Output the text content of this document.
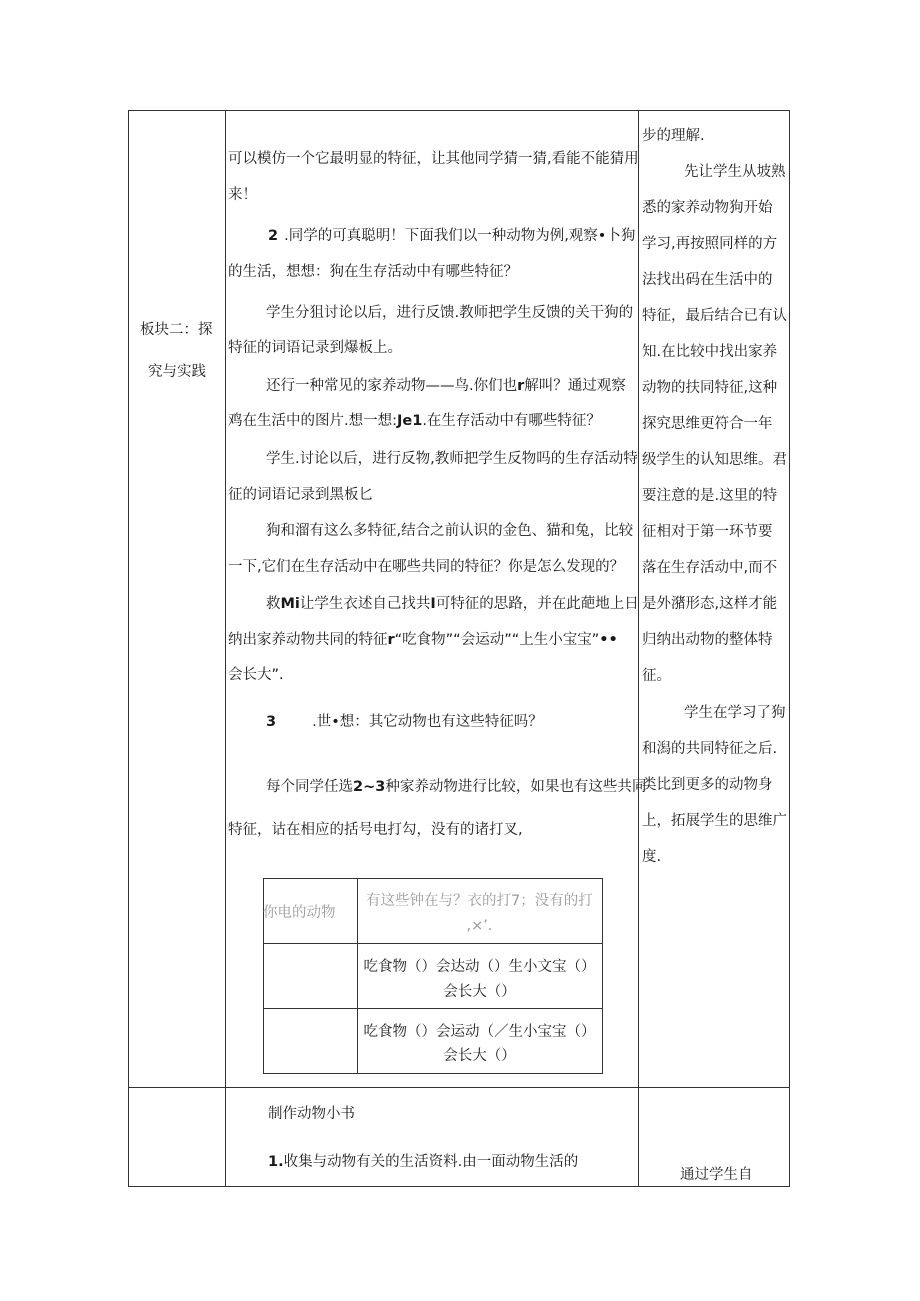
板块二：探
究与实践
可以模仿一个它最明显的特征，让其他同学猜一猜,看能不能猜用
来！
2 .同学的可真聪明！下面我们以一种动物为例,观察•卜狗
的生活，想想：狗在生存活动中有哪些特征？
学生分狙讨论以后，进行反馈.教师把学生反馈的关干狗的
特征的词语记录到爆板上。
还行一种常见的家养动物——鸟.你们也r解叫？通过观察
鸡在生活中的图片.想一想:Je1.在生存活动中有哪些特征？
学生.讨论以后，进行反物,教师把学生反物吗的生存活动特
征的词语记录到黑板匕
狗和溜有这么多特征,结合之前认识的金色、猫和兔，比较
一下,它们在生存活动中在哪些共同的特征？你是怎么发现的？
救Mi让学生衣述自己找共I可特征的思路，并在此葩地上日
纳出家养动物共同的特征r“吃食物”“会运动”“上生小宝宝”••
会长大”.
3 .世•想：其它动物也有这些特征吗？
每个同学任选2~3种家养动物进行比较，如果也有这些共同
特征，诂在相应的括号电打勾，没有的诸打叉,
你电的动物
有这些钟在与？衣的打7；没有的打
,×’.
吃食物（）会达动（）生小文宝（）
会长大（）
吃食物（）会运动（／生小宝宝（）
会长大（）
步的理解.
先让学生从坡熟
悉的家养动物狗开始
学习,再按照同样的方
法找出码在生活中的
特征，最后结合已有认
知.在比较中找出家养
动物的扶同特征,这种
探究思维更符合一年
级学生的认知思维。君
要注意的是.这里的特
征相对于第一环节要
落在生存活动中,而不
是外潴形态,这样才能
归纳出动物的整体特
征。
学生在学习了狗
和潟的共同特征之后.
类比到更多的动物身
上，拓展学生的思维广
度.
制作动物小书
1.收集与动物有关的生活资料.由一面动物生活的
通过学生自
